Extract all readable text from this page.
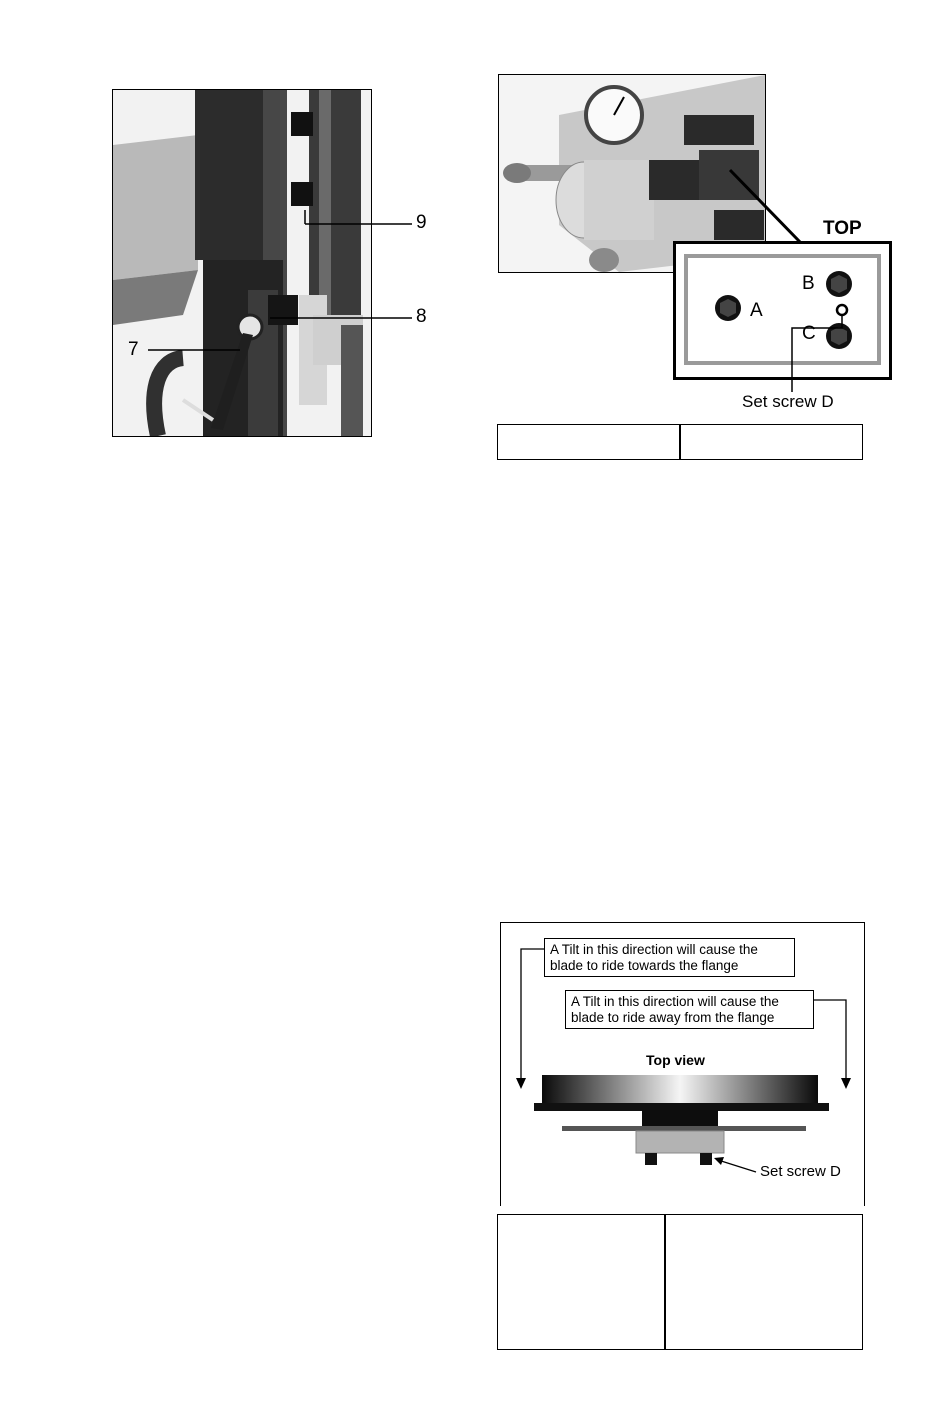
9
8
7
TOP
A
B
C
Set screw D
A Tilt in this direction will cause the blade to ride towards the flange
A Tilt in this direction will cause the blade to ride away from the flange
Top view
Set screw D
